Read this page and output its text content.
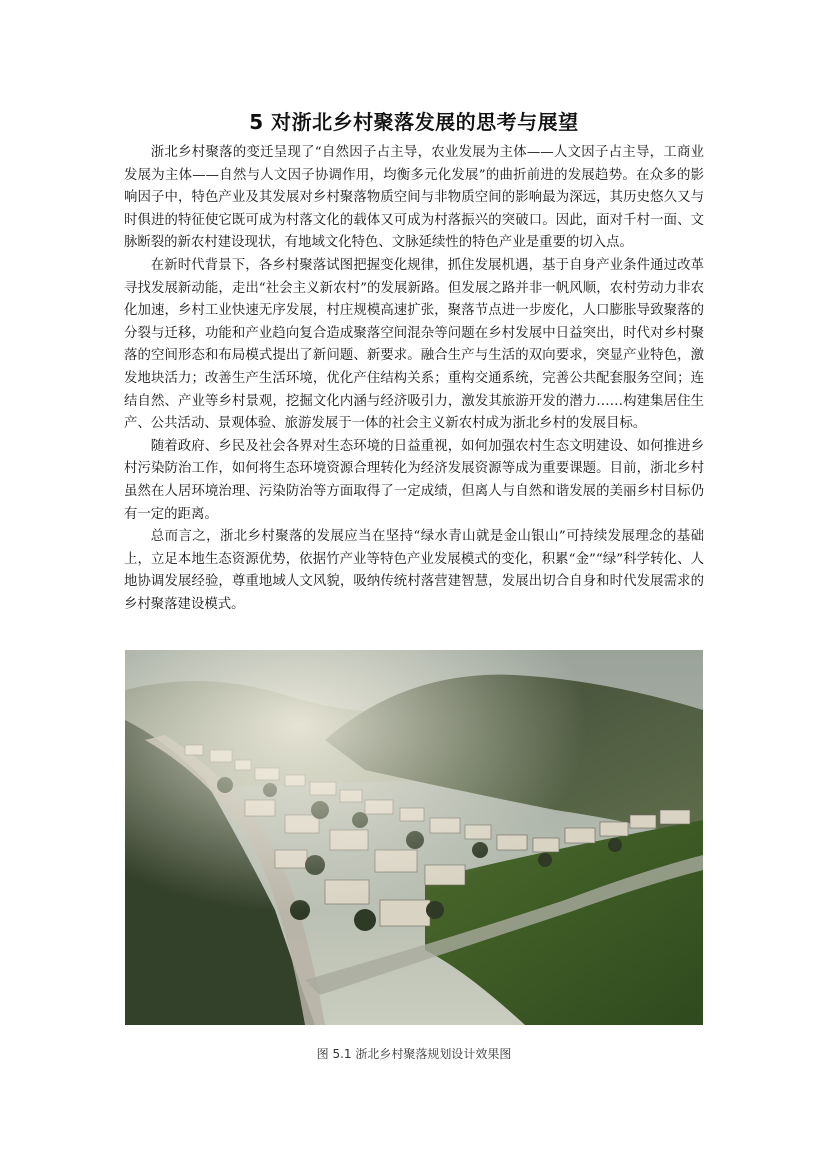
5 对浙北乡村聚落发展的思考与展望

浙北乡村聚落的变迁呈现了“自然因子占主导，农业发展为主体——人文因子占主导，工商业发展为主体——自然与人文因子协调作用，均衡多元化发展”的曲折前进的发展趋势。在众多的影响因子中，特色产业及其发展对乡村聚落物质空间与非物质空间的影响最为深远，其历史悠久又与时俱进的特征使它既可成为村落文化的载体又可成为村落振兴的突破口。因此，面对千村一面、文脉断裂的新农村建设现状，有地域文化特色、文脉延续性的特色产业是重要的切入点。

在新时代背景下，各乡村聚落试图把握变化规律，抓住发展机遇，基于自身产业条件通过改革寻找发展新动能，走出“社会主义新农村”的发展新路。但发展之路并非一帆风顺，农村劳动力非农化加速，乡村工业快速无序发展，村庄规模高速扩张，聚落节点进一步废化，人口膨胀导致聚落的分裂与迁移，功能和产业趋向复合造成聚落空间混杂等问题在乡村发展中日益突出，时代对乡村聚落的空间形态和布局模式提出了新问题、新要求。融合生产与生活的双向要求，突显产业特色，激发地块活力；改善生产生活环境，优化产住结构关系；重构交通系统，完善公共配套服务空间；连结自然、产业等乡村景观，挖掘文化内涵与经济吸引力，激发其旅游开发的潜力……构建集居住生产、公共活动、景观体验、旅游发展于一体的社会主义新农村成为浙北乡村的发展目标。

随着政府、乡民及社会各界对生态环境的日益重视，如何加强农村生态文明建设、如何推进乡村污染防治工作，如何将生态环境资源合理转化为经济发展资源等成为重要课题。目前，浙北乡村虽然在人居环境治理、污染防治等方面取得了一定成绩，但离人与自然和谐发展的美丽乡村目标仍有一定的距离。

总而言之，浙北乡村聚落的发展应当在坚持“绿水青山就是金山银山”可持续发展理念的基础上，立足本地生态资源优势，依据竹产业等特色产业发展模式的变化，积累“金”“绿”科学转化、人地协调发展经验，尊重地域人文风貌，吸纳传统村落营建智慧，发展出切合自身和时代发展需求的乡村聚落建设模式。

图 5.1 浙北乡村聚落规划设计效果图
